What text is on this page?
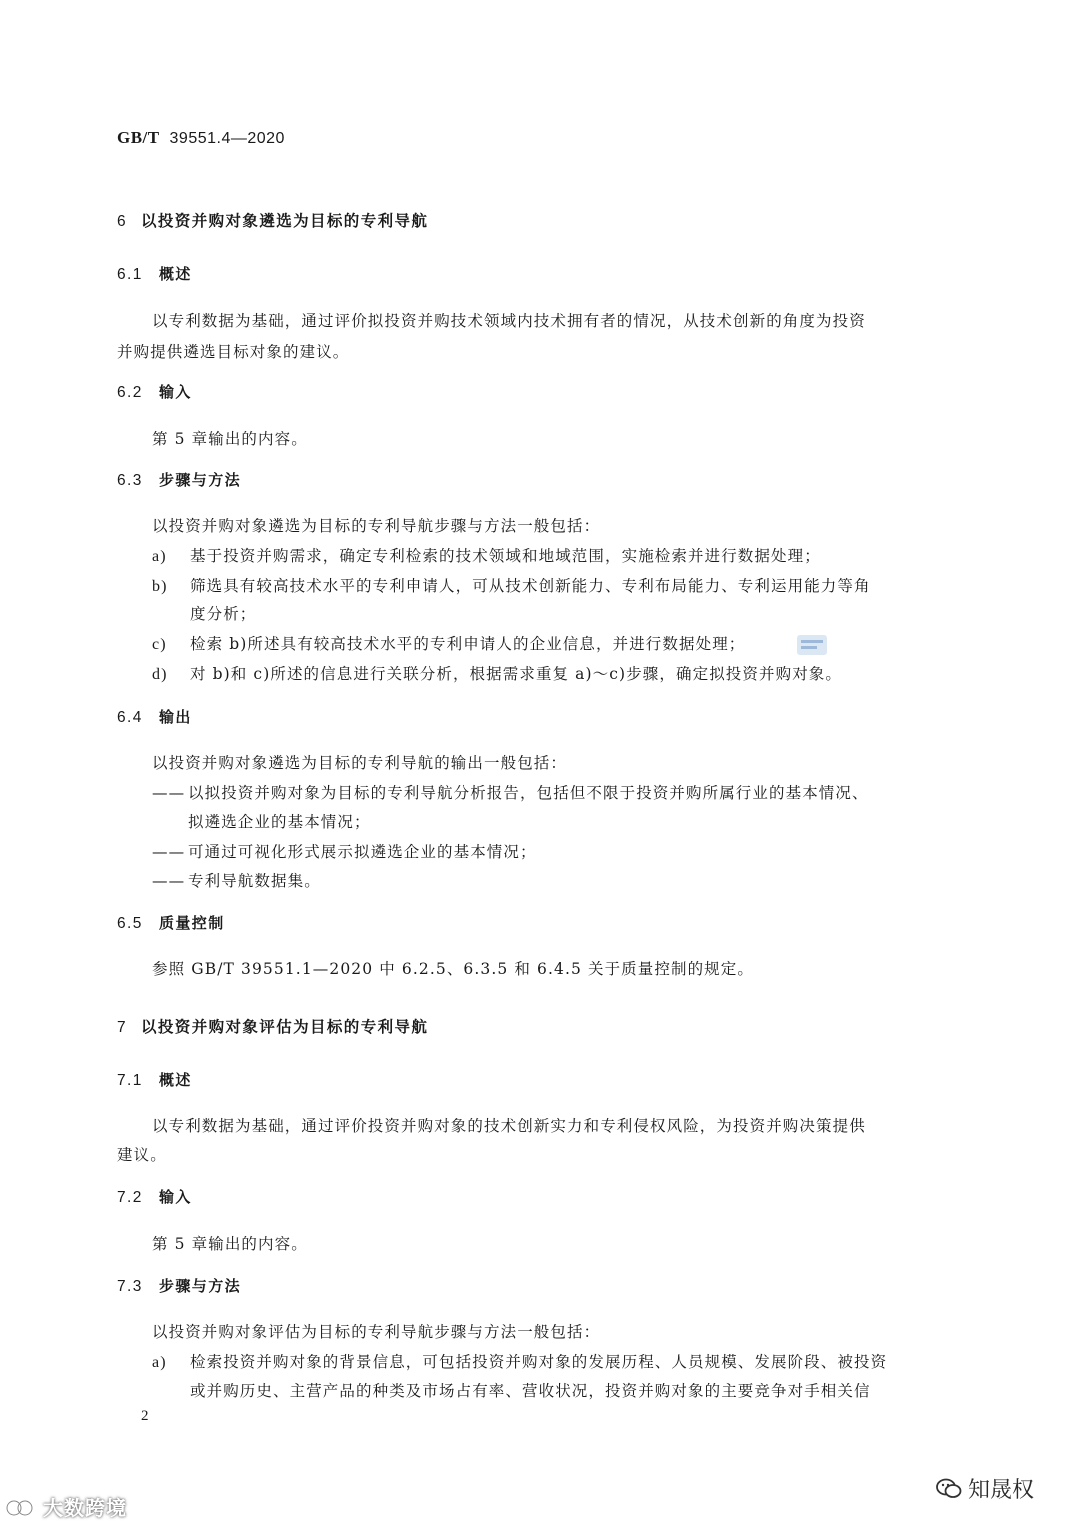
GB/T 39551.4—2020
6 以投资并购对象遴选为目标的专利导航
6.1 概述
以专利数据为基础，通过评价拟投资并购技术领域内技术拥有者的情况，从技术创新的角度为投资
并购提供遴选目标对象的建议。
6.2 输入
第 5 章输出的内容。
6.3 步骤与方法
以投资并购对象遴选为目标的专利导航步骤与方法一般包括：
a) 基于投资并购需求，确定专利检索的技术领域和地域范围，实施检索并进行数据处理；
b) 筛选具有较高技术水平的专利申请人，可从技术创新能力、专利布局能力、专利运用能力等角
度分析；
c) 检索 b)所述具有较高技术水平的专利申请人的企业信息，并进行数据处理；
d) 对 b)和 c)所述的信息进行关联分析，根据需求重复 a)～c)步骤，确定拟投资并购对象。
6.4 输出
以投资并购对象遴选为目标的专利导航的输出一般包括：
—— 以拟投资并购对象为目标的专利导航分析报告，包括但不限于投资并购所属行业的基本情况、
拟遴选企业的基本情况；
—— 可通过可视化形式展示拟遴选企业的基本情况；
—— 专利导航数据集。
6.5 质量控制
参照 GB/T 39551.1—2020 中 6.2.5、6.3.5 和 6.4.5 关于质量控制的规定。
7 以投资并购对象评估为目标的专利导航
7.1 概述
以专利数据为基础，通过评价投资并购对象的技术创新实力和专利侵权风险，为投资并购决策提供
建议。
7.2 输入
第 5 章输出的内容。
7.3 步骤与方法
以投资并购对象评估为目标的专利导航步骤与方法一般包括：
a) 检索投资并购对象的背景信息，可包括投资并购对象的发展历程、人员规模、发展阶段、被投资
或并购历史、主营产品的种类及市场占有率、营收状况，投资并购对象的主要竞争对手相关信
2
大数跨境
知晟权
